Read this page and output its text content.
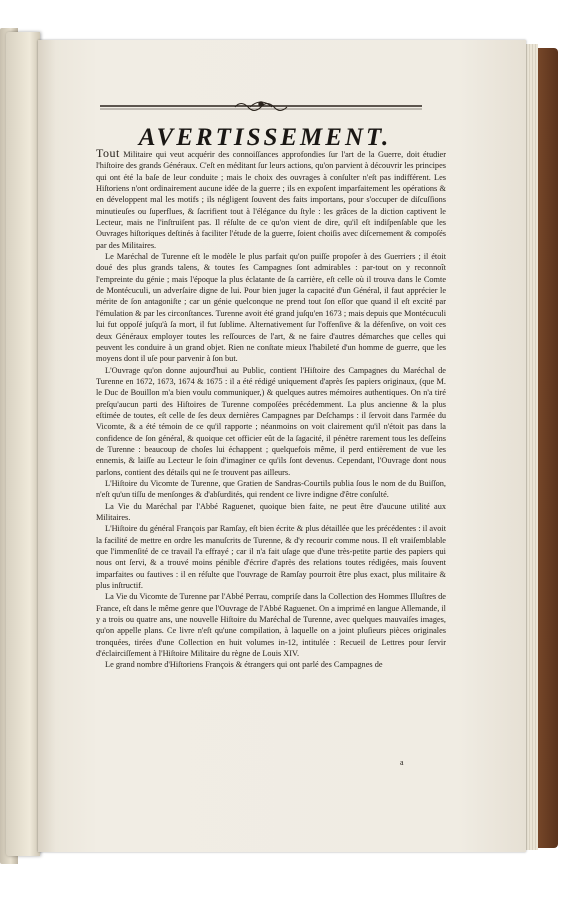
AVERTISSEMENT.

Tout Militaire qui veut acquérir des connoiſſances approfondies ſur l'art de la Guerre, doit étudier l'hiſtoire des grands Généraux. C'eſt en méditant ſur leurs actions, qu'on parvient à découvrir les principes qui ont été la baſe de leur conduite ; mais le choix des ouvrages à conſulter n'eſt pas indifférent. Les Hiſtoriens n'ont ordinairement aucune idée de la guerre ; ils en expoſent imparfaitement les opérations & en développent mal les motifs ; ils négligent ſouvent des faits importans, pour s'occuper de diſcuſſions minutieuſes ou ſuperflues, & ſacrifient tout à l'élégance du ſtyle : les grâces de la diction captivent le Lecteur, mais ne l'inſtruiſent pas. Il réſulte de ce qu'on vient de dire, qu'il eſt indiſpenſable que les Ouvrages hiſtoriques deſtinés à faciliter l'étude de la guerre, ſoient choiſis avec diſcernement & compoſés par des Militaires.

Le Maréchal de Turenne eſt le modèle le plus parfait qu'on puiſſe propoſer à des Guerriers ; il étoit doué des plus grands talens, & toutes ſes Campagnes ſont admirables : par-tout on y reconnoît l'empreinte du génie ; mais l'époque la plus éclatante de ſa carrière, eſt celle où il trouva dans le Comte de Montécuculi, un adverſaire digne de lui. Pour bien juger la capacité d'un Général, il faut apprécier le mérite de ſon antagoniſte ; car un génie quelconque ne prend tout ſon eſſor que quand il eſt excité par l'émulation & par les circonſtances. Turenne avoit été grand juſqu'en 1673 ; mais depuis que Montécuculi lui fut oppoſé juſqu'à ſa mort, il fut ſublime. Alternativement ſur l'offenſive & la défenſive, on voit ces deux Généraux employer toutes les reſſources de l'art, & ne faire d'autres démarches que celles qui peuvent les conduire à un grand objet. Rien ne conſtate mieux l'habileté d'un homme de guerre, que les moyens dont il uſe pour parvenir à ſon but.

L'Ouvrage qu'on donne aujourd'hui au Public, contient l'Hiſtoire des Campagnes du Maréchal de Turenne en 1672, 1673, 1674 & 1675 : il a été rédigé uniquement d'après ſes papiers originaux, (que M. le Duc de Bouillon m'a bien voulu communiquer,) & quelques autres mémoires authentiques. On n'a tiré preſqu'aucun parti des Hiſtoires de Turenne compoſées précédemment. La plus ancienne & la plus eſtimée de toutes, eſt celle de ſes deux dernières Campagnes par Deſchamps : il ſervoit dans l'armée du Vicomte, & a été témoin de ce qu'il rapporte ; néanmoins on voit clairement qu'il n'étoit pas dans la confidence de ſon général, & quoique cet officier eût de la ſagacité, il pénètre rarement tous les deſſeins de Turenne : beaucoup de choſes lui échappent ; quelquefois même, il perd entièrement de vue les ennemis, & laiſſe au Lecteur le ſoin d'imaginer ce qu'ils ſont devenus. Cependant, l'Ouvrage dont nous parlons, contient des détails qui ne ſe trouvent pas ailleurs.

L'Hiſtoire du Vicomte de Turenne, que Gratien de Sandras-Courtils publia ſous le nom de du Buiſſon, n'eſt qu'un tiſſu de menſonges & d'abſurdités, qui rendent ce livre indigne d'être conſulté.

La Vie du Maréchal par l'Abbé Raguenet, quoique bien faite, ne peut être d'aucune utilité aux Militaires.

L'Hiſtoire du général François par Ramſay, eſt bien écrite & plus détaillée que les précédentes : il avoit la facilité de mettre en ordre les manuſcrits de Turenne, & d'y recourir comme nous. Il eſt vraiſemblable que l'immenſité de ce travail l'a effrayé ; car il n'a fait uſage que d'une très-petite partie des papiers qui nous ont ſervi, & a trouvé moins pénible d'écrire d'après des relations toutes rédigées, mais ſouvent imparfaites ou fautives : il en réſulte que l'ouvrage de Ramſay pourroit être plus exact, plus militaire & plus inſtructif.

La Vie du Vicomte de Turenne par l'Abbé Perrau, compriſe dans la Collection des Hommes Illuſtres de France, eſt dans le même genre que l'Ouvrage de l'Abbé Raguenet. On a imprimé en langue Allemande, il y a trois ou quatre ans, une nouvelle Hiſtoire du Maréchal de Turenne, avec quelques mauvaiſes images, qu'on appelle plans. Ce livre n'eſt qu'une compilation, à laquelle on a joint pluſieurs pièces originales tronquées, tirées d'une Collection en huit volumes in-12, intitulée : Recueil de Lettres pour ſervir d'éclairciſſement à l'Hiſtoire Militaire du règne de Louis XIV.

Le grand nombre d'Hiſtoriens François & étrangers qui ont parlé des Campagnes de

a
